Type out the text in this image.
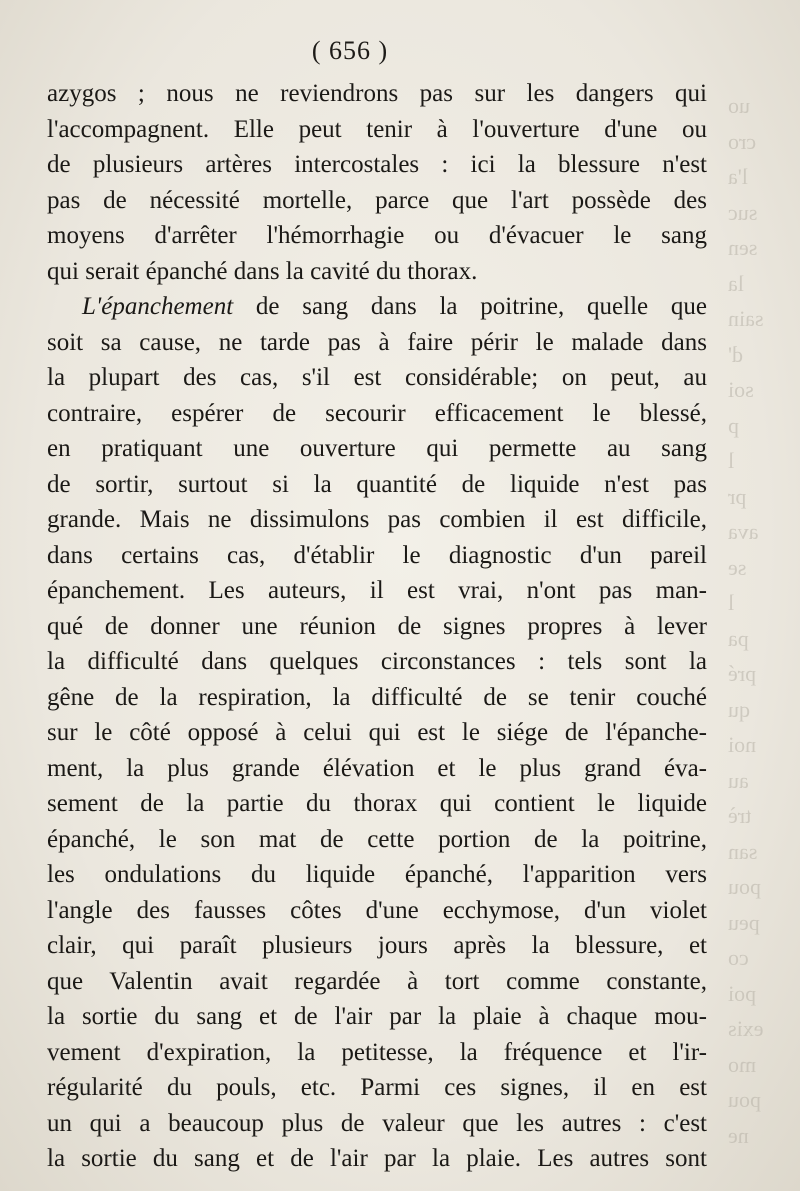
uo
cro
l'a
suc
sen
la
sain
d'
soi
p
l
pr
ava
se
l
pa
pré
qu
noi
au
trè
san
pou
peu
co
poi
exis
mo
pou
ne
( 656 )
azygos ; nous ne reviendrons pas sur les dangers qui
l'accompagnent. Elle peut tenir à l'ouverture d'une ou
de plusieurs artères intercostales : ici la blessure n'est
pas de nécessité mortelle, parce que l'art possède des
moyens d'arrêter l'hémorrhagie ou d'évacuer le sang
qui serait épanché dans la cavité du thorax.
L'épanchement de sang dans la poitrine, quelle que
soit sa cause, ne tarde pas à faire périr le malade dans
la plupart des cas, s'il est considérable; on peut, au
contraire, espérer de secourir efficacement le blessé,
en pratiquant une ouverture qui permette au sang
de sortir, surtout si la quantité de liquide n'est pas
grande. Mais ne dissimulons pas combien il est difficile,
dans certains cas, d'établir le diagnostic d'un pareil
épanchement. Les auteurs, il est vrai, n'ont pas man-
qué de donner une réunion de signes propres à lever
la difficulté dans quelques circonstances : tels sont la
gêne de la respiration, la difficulté de se tenir couché
sur le côté opposé à celui qui est le siége de l'épanche-
ment, la plus grande élévation et le plus grand éva-
sement de la partie du thorax qui contient le liquide
épanché, le son mat de cette portion de la poitrine,
les ondulations du liquide épanché, l'apparition vers
l'angle des fausses côtes d'une ecchymose, d'un violet
clair, qui paraît plusieurs jours après la blessure, et
que Valentin avait regardée à tort comme constante,
la sortie du sang et de l'air par la plaie à chaque mou-
vement d'expiration, la petitesse, la fréquence et l'ir-
régularité du pouls, etc. Parmi ces signes, il en est
un qui a beaucoup plus de valeur que les autres : c'est
la sortie du sang et de l'air par la plaie. Les autres sont
